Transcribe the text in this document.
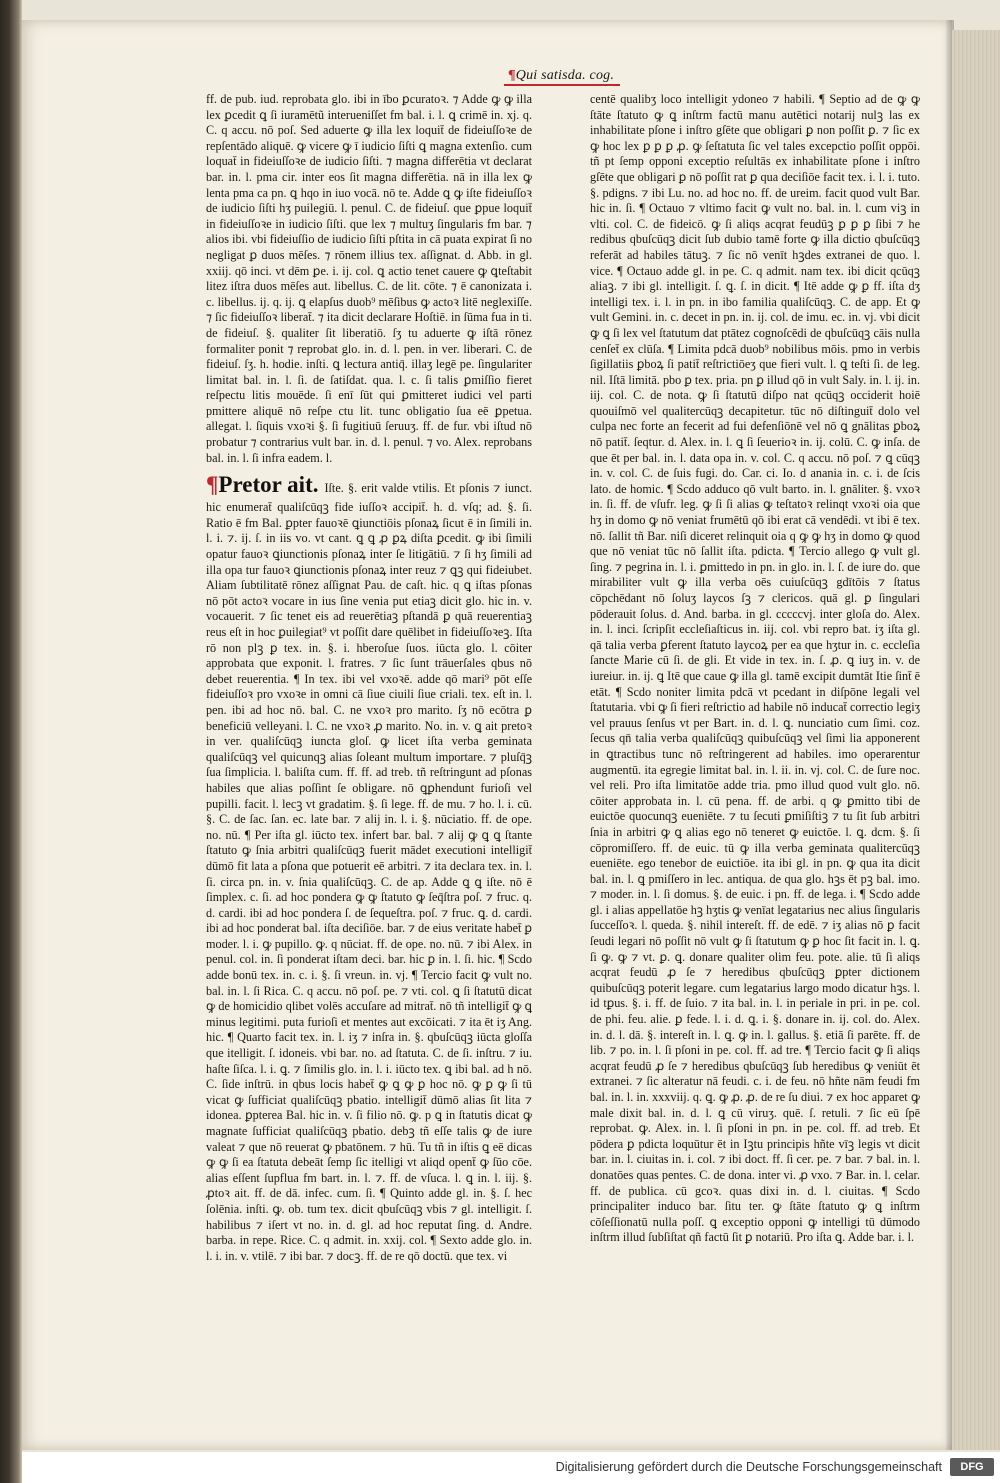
¶Qui satisda. cog.

ff. de pub. iud. reprobata glo. ibi in ībo ꝑcuratoꝛ. ⁊ Adde ꝙ ꝙ illa lex ꝑcedit ꝗ ſi iuramētũ interueniſſet fm bal. i. l. ꝗ crimē in. xj. q. C. q accu. nō poſ. Sed aduerte ꝙ illa lex loquit̄ de fideiuſſoꝛe de repſentādo aliquē. ꝙ vicere ꝙ ī iudicio ſiſti ꝗ magna extenſio. cum loquat̄ in fideiuſſoꝛe de iudicio ſiſti. ⁊ magna differētia vt declarat bar. in. l. pma cir. inter eos ſit magna differētia. nā in illa lex ꝙ lenta pma ca pn. ꝗ hqo in iuo vocā. nō te. Adde ꝗ ꝙ iſte fideiuſſoꝛ de iudicio ſiſti hʒ puilegiū. l. penul. C. de fideiuſ. que ꝑpue loquit̄ in fideiuſſoꝛe in iudicio ſiſti. que lex ⁊ multuʒ ſingularis fm bar. ⁊ alios ibi. vbi fideiuſſio de iudicio ſiſti pſtita in cā puata expirat ſi no negligat ꝑ duos mēſes. ⁊ rōnem illius tex. aſſignat. d. Abb. in gl. xxiij. qō inci. vt dēm ꝑe. i. ij. col. ꝗ actio tenet cauere ꝙ ꝗteſtabit litez iſtra duos mēſes aut. libellus. C. de lit. cōte. ⁊ ē canonizata i. c. libellus. ij. q. ij. ꝗ elapſus duob⁹ mēſibus ꝙ actoꝛ litē neglexiſſe. ⁊ ſic fideiuſſoꝛ liberat̄. ⁊ ita dicit declarare Hoſtiē. in ſūma fua in ti. de fideiuſ. §. qualiter ſit liberatiō. ſʒ tu aduerte ꝙ iſtā rōnez formaliter ponit ⁊ reprobat glo. in. d. l. pen. in ver. liberari. C. de fideiuſ. ſʒ. h. hodie. inſti. ꝗ lectura antiq̄. illaʒ legē pe. ſingulariter limitat bal. in. l. ſi. de ſatiſdat. qua. l. c. ſi talis ꝑmiſſio fieret reſpectu litis mouēde. ſi enī ſūt qui ꝑmitteret iudici vel parti pmittere aliquē nō reſpe ctu lit. tunc obligatio ſua eē ꝑpetua. allegat. l. ſiquis vxoꝛi §. ſi fugitiuū ſeruuʒ. ff. de fur. vbi iſtud nō probatur ⁊ contrarius vult bar. in. d. l. penul. ⁊ vo. Alex. reprobans bal. in. l. ſi infra eadem. l.

¶Pretor ait. Iſte. §. erit valde vtilis. Et pſonis ⁊ iunct. hic enumerat̄ qualiſcūqꝫ fide iuſſoꝛ accipit̄. h. d. vſq; ad. §. ſi. Ratio ē fm Bal. ꝑpter fauoꝛē ꝗiunctiōis pſonaꝝ ſicut ē in ſimili in. l. i. ⁊. ij. ſ. in iis vo. vt cant. ꝗ ꝗ ꝓ ꝑꝝ diſta ꝑcedit. ꝙ ibi ſimili opatur fauoꝛ ꝗiunctionis pſonaꝝ inter ſe litigātiū. ⁊ ſi hʒ ſimili ad illa opa tur fauoꝛ ꝗiunctionis pſonaꝝ inter reuz ⁊ ꝗꝫ qui fideiubet. Aliam ſubtilitatē rōnez aſſignat Pau. de caſt. hic. q ꝗ iſtas pſonas nō pōt actoꝛ vocare in ius ſine venia put etiaꝫ dicit glo. hic in. v. vocauerit. ⁊ ſic tenet eis ad reuerētiaꝫ pſtandā ꝑ quā reuerentiaꝫ reus eſt in hoc ꝑuilegiat⁹ vt poſſit dare quēlibet in fideiuſſoꝛeꝫ. Iſta rō non plꝫ ꝑ tex. in. §. i. hberoſue ſuos. iūcta glo. l. cōiter approbata que exponit. l. fratres. ⁊ ſic ſunt trāuerſales qbus nō debet reuerentia. ¶ In tex. ibi vel vxoꝛē. adde qō mari⁹ pōt eſſe fideiuſſoꝛ pro vxoꝛe in omni cā ſiue ciuili ſiue criali. tex. eſt in. l. pen. ibi ad hoc nō. bal. C. ne vxoꝛ pro marito. ſʒ nō ecōtra ꝑ beneficiū velleyani. l. C. ne vxoꝛ ꝓ marito. No. in. v. ꝗ ait pretoꝛ in ver. qualiſcūqꝫ iuncta gloſ. ꝙ licet iſta verba geminata qualiſcūqꝫ vel quicunqꝫ alias ſoleant multum importare. ⁊ pluſq̄ꝫ ſua ſimplicia. l. baliſta cum. ff. ff. ad treb. tñ reſtringunt ad pſonas habiles que alias poſſint ſe obligare. nō ꝗꝑhendunt furioſi vel pupilli. facit. l. lecꝫ vt gradatim. §. ſi lege. ff. de mu. ⁊ ho. l. i. cū. §. C. de ſac. ſan. ec. late bar. ⁊ alij in. l. i. §. nūciatio. ff. de ope. no. nū. ¶ Per iſta gl. iūcto tex. infert bar. bal. ⁊ alij ꝙ ꝗ ꝗ ſtante ſtatuto ꝙ ſnia arbitri qualiſcūqꝫ fuerit mādet executioni intelligit̄ dūmō fit lata a pſona que potuerit eē arbitri. ⁊ ita declara tex. in. l. ſi. circa pn. in. v. ſnia qualiſcūqꝫ. C. de ap. Adde ꝗ ꝗ iſte. nō ē ſimplex. c. ſi. ad hoc pondera ꝙ ꝙ ſtatuto ꝙ ſeq̄ſtra poſ. ⁊ fruc. q. d. cardi. ibi ad hoc pondera ſ. de ſequeſtra. poſ. ⁊ fruc. ꝗ. d. cardi. ibi ad hoc ponderat bal. iſta deciſiōe. bar. ⁊ de eius veritate habet̄ ꝑ moder. l. i. ꝙ pupillo. ꝙ. q nūciat. ff. de ope. no. nū. ⁊ ibi Alex. in penul. col. in. ſi ponderat iſtam deci. bar. hic ꝑ in. l. ſi. hic. ¶ Scdo adde bonū tex. in. c. i. §. ſi vreun. in. vj. ¶ Tercio facit ꝙ vult no. bal. in. l. ſi Rica. C. q accu. nō poſ. pe. ⁊ vti. col. ꝗ ſi ſtatutū dicat ꝙ de homicidio qlibet volēs accuſare ad mitrat̄. nō tñ intelligit̄ ꝙ ꝗ minus legitimi. puta furioſi et mentes aut excōicati. ⁊ ita ēt iʒ Ang. hic. ¶ Quarto facit tex. in. l. iʒ ⁊ inſra in. §. qbuſcūqꝫ iūcta gloſſa que itelligit. ſ. idoneis. vbi bar. no. ad ſtatuta. C. de ſi. inſtru. ⁊ iu. haſte ſiſca. l. i. ꝗ. ⁊ ſimilis glo. in. l. i. iūcto tex. ꝗ ibi bal. ad h nō. C. ſide inſtrū. in qbus locis habet̄ ꝙ ꝗ ꝙ ꝑ hoc nō. ꝙ ꝑ ꝙ ſi tū vicat ꝙ ſufficiat qualiſcūqꝫ pbatio. intelligit̄ dūmō alias ſit lita ⁊ idonea. ꝑpterea Bal. hic in. v. ſi filio nō. ꝙ. p ꝗ in ſtatutis dicat ꝙ magnate ſufficiat qualiſcūqꝫ pbatio. debꝫ tñ eſſe talis ꝙ de iure valeat ⁊ que nō reuerat ꝙ pbatōnem. ⁊ hū. Tu tñ in iſtis ꝗ eē dicas ꝙ ꝙ ſi ea ſtatuta debeāt ſemp ſic itelligi vt aliqd opent̄ ꝙ ſūo cōe. alias eſſent ſupflua fm bart. in. l. ⁊. ff. de vſuca. l. ꝗ in. l. iij. §. ꝓtoꝛ ait. ff. de dā. infec. cum. ſi. ¶ Quinto adde gl. in. §. ſ. hec ſolēnia. inſti. ꝙ. ob. tum tex. dicit qbuſcūqꝫ vbis ⁊ gl. intelligit. ſ. habilibus ⁊ iſert vt no. in. d. gl. ad hoc reputat ſing. d. Andre. barba. in repe. Rice. C. q admit. in. xxij. col. ¶ Sexto adde glo. in. l. i. in. v. vtilē. ⁊ ibi bar. ⁊ docꝫ. ff. de re qō doctū. que tex. vi

centē qualibʒ loco intelligit ydoneo ⁊ habili. ¶ Septio ad de ꝙ ꝙ ſtāte ſtatuto ꝙ ꝗ inſtrm factū manu autētici notarij nulꝫ las ex inhabilitate pſone i inſtro gſēte que obligari ꝑ non poſſit ꝑ. ⁊ ſic ex ꝙ hoc lex ꝑ ꝑ ꝑ ꝓ. ꝙ ſeſtatuta ſic vel tales excepctio poſſit oppōi. tñ pt ſemp opponi exceptio reſultās ex inhabilitate pſone i inſtro gſēte que obligari ꝑ nō poſſit rat ꝑ qua deciſiōe facit tex. i. l. i. tuto. §. pdigns. ⁊ ibi Lu. no. ad hoc no. ff. de ureim. facit quod vult Bar. hic in. ſi. ¶ Octauo ⁊ vltimo facit ꝙ vult no. bal. in. l. cum viꝫ in vlti. col. C. de fideicō. ꝙ ſi aliqs acqrat feudūꝫ ꝑ ꝑ ꝑ ſibi ⁊ he redibus qbuſcūqꝫ dicit ſub dubio tamē forte ꝙ illa dictio qbuſcūqꝫ referāt ad habiles tātuꝫ. ⁊ ſic nō venīt hꝫdes extranei de quo. l. vice. ¶ Octauo adde gl. in pe. C. q admit. nam tex. ibi dicit qcūqꝫ aliaꝫ. ⁊ ibi gl. intelligit. ſ. ꝗ. ſ. in dicit. ¶ Itē adde ꝙ ꝑ ff. iſta dʒ intelligi tex. i. l. in pn. in ibo familia qualiſcūqꝫ. C. de app. Et ꝙ vult Gemini. in. c. decet in pn. in. ij. col. de imu. ec. in. vj. vbi dicit ꝙ ꝗ ſi lex vel ſtatutum dat ptātez cognoſcēdi de qbuſcūqꝫ cāis nulla cenſet̄ ex clūſa. ¶ Limita pdcā duob⁹ nobilibus mōis. pmo in verbis ſigillatiis ꝑboꝝ ſi patit̄ reſtrictiōeʒ que fieri vult. l. ꝗ teſti ſi. de leg. nil. Iſtā limitā. pbo ꝑ tex. pria. pn ꝑ illud qō in vult Saly. in. l. ij. in. iij. col. C. de nota. ꝙ ſi ſtatutū diſpo nat qcūqꝫ occiderit hoiē quouiſmō vel qualitercūqꝫ decapitetur. tūc nō diſtinguit̄ dolo vel culpa nec forte an fecerit ad fui defenſiōnē vel nō ꝗ gnālitas ꝑboꝝ nō patit̄. ſeqtur. d. Alex. in. l. ꝗ ſi ſeuerioꝛ in. ij. colū. C. ꝙ inſa. de que ēt per bal. in. l. data opa in. v. col. C. q accu. nō poſ. ⁊ ꝗ cūqꝫ in. v. col. C. de ſuis fugi. do. Car. ci. Io. d anania in. c. i. de ſcis lato. de homic. ¶ Scdo adduco qō vult barto. in. l. gnāliter. §. vxoꝛ in. ſi. ff. de vſufr. leg. ꝙ ſi ſi alias ꝙ teſtatoꝛ relinqt vxoꝛi oia que hʒ in domo ꝙ nō veniat frumētū qō ibi erat cā vendēdi. vt ibi ē tex. nō. ſallit tñ Bar. niſi diceret relinquit oia q ꝙ ꝙ hʒ in domo ꝙ quod que nō veniat tūc nō ſallit iſta. pdicta. ¶ Tercio allego ꝙ vult gl. ſing. ⁊ pegrina in. l. i. ꝑmittedo in pn. in glo. in. l. ſ. de iure do. que mirabiliter vult ꝙ illa verba oēs cuiuſcūqꝫ gdītōis ⁊ ſtatus cōpchēdant nō ſoluʒ laycos ſꝫ ⁊ clericos. quā gl. ꝑ ſingulari pōderauit ſolus. d. And. barba. in gl. cccccvj. inter gloſa do. Alex. in. l. inci. ſcripſit eccleſiaſticus in. iij. col. vbi repro bat. iʒ iſta gl. qā talia verba ꝑferent ſtatuto laycoꝝ per ea que hʒtur in. c. eccleſia ſancte Marie cū ſi. de gli. Et vide in tex. in. ſ. ꝓ. ꝗ iuʒ in. v. de iureiur. in. ij. ꝗ Itē que caue ꝙ illa gl. tamē excipit dumtāt Itie ſint̄ ē etāt. ¶ Scdo noniter limita pdcā vt pcedant in diſpōne legali vel ſtatutaria. vbi ꝙ ſi fieri reſtrictio ad habile nō inducat̄ correctio legiʒ vel prauus ſenſus vt per Bart. in. d. l. ꝗ. nunciatio cum ſimi. coz. ſecus qn̄ talia verba qualiſcūqꝫ quibuſcūqꝫ vel ſimi lia apponerent in ꝗtractibus tunc nō reſtringerent ad habiles. imo operarentur augmentū. ita egregie limitat bal. in. l. ii. in. vj. col. C. de ſure noc. vel reli. Pro iſta limitatōe adde tria. pmo illud quod vult glo. nō. cōiter approbata in. l. cū pena. ff. de arbi. q ꝙ ꝑmitto tibi de euictōe quocunqꝫ eueniēte. ⁊ tu ſecuti ꝑmiſiſtiꝫ ⁊ tu ſit ſub arbitri ſnia in arbitri ꝙ ꝗ alias ego nō teneret ꝙ euictōe. l. ꝗ. dcm. §. ſi cōpromiſſero. ff. de euic. tū ꝙ illa verba geminata qualitercūqꝫ eueniēte. ego tenebor de euictiōe. ita ibi gl. in pn. ꝙ qua ita dicit bal. in. l. ꝗ pmiſſero in lec. antiqua. de qua glo. hꝫs ēt pꝫ bal. imo. ⁊ moder. in. l. ſi domus. §. de euic. i pn. ff. de lega. i. ¶ Scdo adde gl. i alias appellatōe hꝫ hʒtis ꝙ venīat legatarius nec alius ſingularis ſucceſſoꝛ. l. queda. §. nihil intereſt. ff. de edē. ⁊ iʒ alias nō ꝑ facit ſeudi legari nō poſſit nō vult ꝙ ſi ſtatutum ꝙ ꝑ hoc ſit facit in. l. ꝗ. ſi ꝙ. ꝙ ⁊ vt. ꝑ. ꝗ. donare qualiter olim feu. pote. alie. tū ſi aliqs acqrat feudū ꝓ ſe ⁊ heredibus qbuſcūqꝫ ꝑpter dictionem quibuſcūqꝫ poterit legare. cum legatarius largo modo dicatur hꝫs. l. id tꝑus. §. i. ff. de ſuio. ⁊ ita bal. in. l. in periale in pri. in pe. col. de phi. feu. alie. ꝑ fede. l. i. d. ꝗ. i. §. donare in. ij. col. do. Alex. in. d. l. dā. §. intereſt in. l. ꝗ. ꝙ in. l. gallus. §. etiā ſi parēte. ff. de lib. ⁊ po. in. l. ſi pſoni in pe. col. ff. ad tre. ¶ Tercio facit ꝙ ſi aliqs acqrat feudū ꝓ ſe ⁊ heredibus qbuſcūqꝫ ſub heredibus ꝙ veniūt ēt extranei. ⁊ ſic alteratur nā feudi. c. i. de feu. nō hñte nām feudi fm bal. in. l. in. xxxviij. q. ꝗ. ꝙ ꝓ. ꝓ. de re ſu diui. ⁊ ex hoc apparet ꝙ male dixit bal. in. d. l. ꝗ cū viruʒ. quē. ſ. retuli. ⁊ ſic eū ſpē reprobat. ꝙ. Alex. in. l. ſi pſoni in pn. in pe. col. ff. ad treb. Et pōdera ꝑ pdicta loquūtur ēt in Iꝫtu principis hñte vīꝫ legis vt dicit bar. in. l. ciuitas in. i. col. ⁊ ibi doct. ff. ſi cer. pe. ⁊ bar. ⁊ bal. in. l. donatōes quas pentes. C. de dona. inter vi. ꝓ vxo. ⁊ Bar. in. l. celar. ff. de publica. cū gcoꝛ. quas dixi in. d. l. ciuitas. ¶ Scdo principaliter induco bar. ſitu ter. ꝙ ſtāte ſtatuto ꝙ ꝗ inſtrm cōſeſſionatū nulla poſſ. ꝗ exceptio opponi ꝙ intelligi tū dūmodo inſtrm illud ſubſiſtat qñ factū ſit ꝑ notariū. Pro iſta ꝗ. Adde bar. i. l.

Digitalisierung gefördert durch die Deutsche Forschungsgemeinschaft	DFG
